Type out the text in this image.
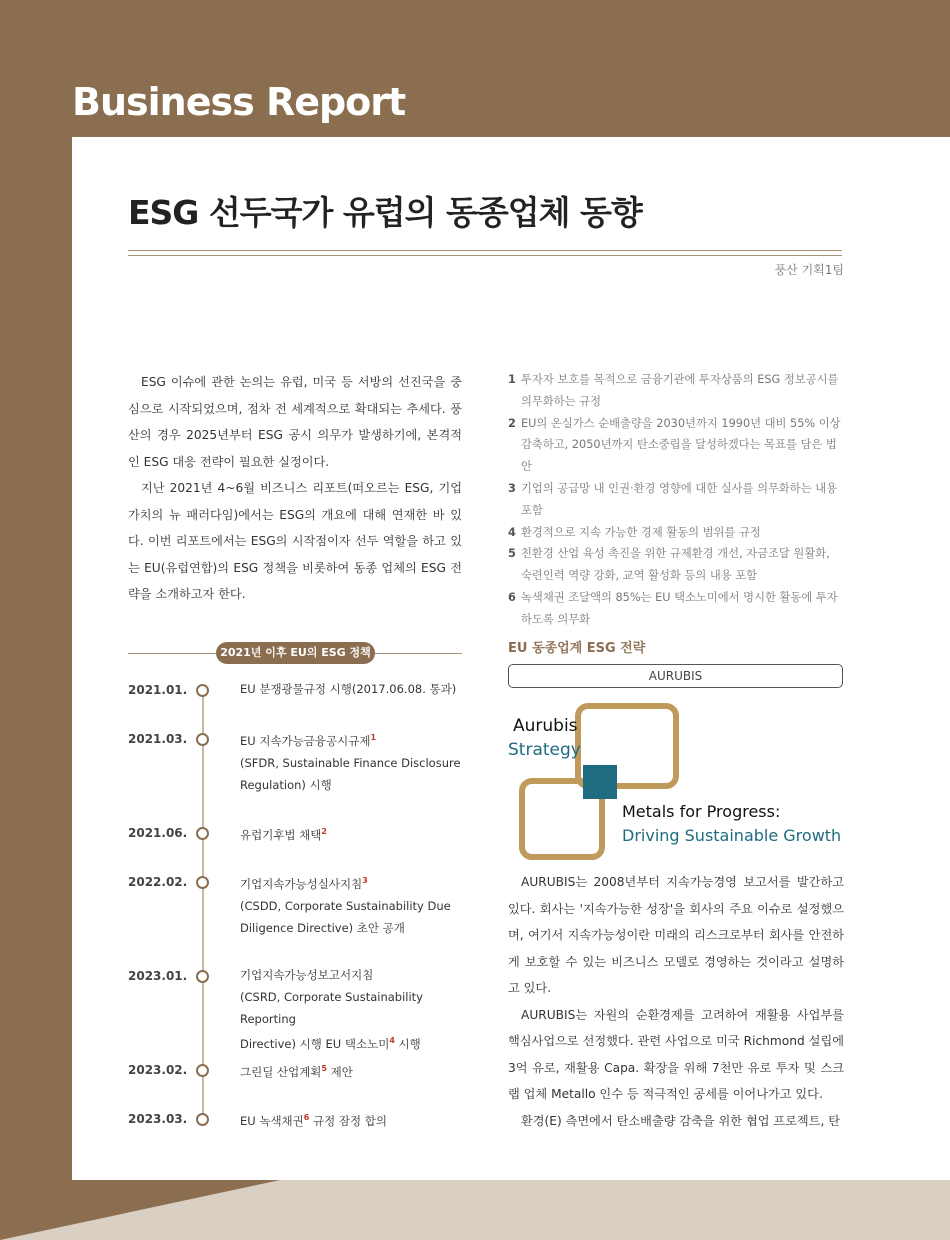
Business Report
ESG 선두국가 유럽의 동종업체 동향
풍산 기획1팀

ESG 이슈에 관한 논의는 유럽, 미국 등 서방의 선진국을 중심으로 시작되었으며, 점차 전 세계적으로 확대되는 추세다. 풍산의 경우 2025년부터 ESG 공시 의무가 발생하기에, 본격적인 ESG 대응 전략이 필요한 실정이다.

지난 2021년 4~6월 비즈니스 리포트(떠오르는 ESG, 기업가치의 뉴 패러다임)에서는 ESG의 개요에 대해 연재한 바 있다. 이번 리포트에서는 ESG의 시작점이자 선두 역할을 하고 있는 EU(유럽연합)의 ESG 정책을 비롯하여 동종 업체의 ESG 전략을 소개하고자 한다.

1 투자자 보호를 목적으로 금융기관에 투자상품의 ESG 정보공시를 의무화하는 규정
2 EU의 온실가스 순배출량을 2030년까지 1990년 대비 55% 이상 감축하고, 2050년까지 탄소중립을 달성하겠다는 목표를 담은 법안
3 기업의 공급망 내 인권·환경 영향에 대한 실사를 의무화하는 내용 포함
4 환경적으로 지속 가능한 경제 활동의 범위를 규정
5 친환경 산업 육성 촉진을 위한 규제환경 개선, 자금조달 원활화, 숙련인력 역량 강화, 교역 활성화 등의 내용 포함
6 녹색채권 조달액의 85%는 EU 택소노미에서 명시한 활동에 투자하도록 의무화
2021년 이후 EU의 ESG 정책
2021.01.	EU 분쟁광물규정 시행(2017.06.08. 통과)
2021.03.	EU 지속가능금융공시규제$^1$
(SFDR, Sustainable Finance Disclosure
Regulation) 시행
2021.06.	유럽기후법 채택$^2$
2022.02.	기업지속가능성실사지침$^3$
(CSDD, Corporate Sustainability Due
Diligence Directive) 초안 공개
2023.01.	기업지속가능성보고서지침
(CSRD, Corporate Sustainability Reporting
Directive) 시행 EU 택소노미$^4$ 시행
2023.02.	그린딜 산업계획$^5$ 제안
2023.03.	EU 녹색채권$^6$ 규정 잠정 합의
EU 동종업계 ESG 전략
AURUBIS
Aurubis
Strategy
Metals for Progress:
Driving Sustainable Growth

AURUBIS는 2008년부터 지속가능경영 보고서를 발간하고 있다. 회사는 '지속가능한 성장'을 회사의 주요 이슈로 설정했으며, 여기서 지속가능성이란 미래의 리스크로부터 회사를 안전하게 보호할 수 있는 비즈니스 모델로 경영하는 것이라고 설명하고 있다.

AURUBIS는 자원의 순환경제를 고려하여 재활용 사업부를 핵심사업으로 선정했다. 관련 사업으로 미국 Richmond 설립에 3억 유로, 재활용 Capa. 확장을 위해 7천만 유로 투자 및 스크랩 업체 Metallo 인수 등 적극적인 공세를 이어나가고 있다.

환경(E) 측면에서 탄소배출량 감축을 위한 협업 프로젝트, 탄
